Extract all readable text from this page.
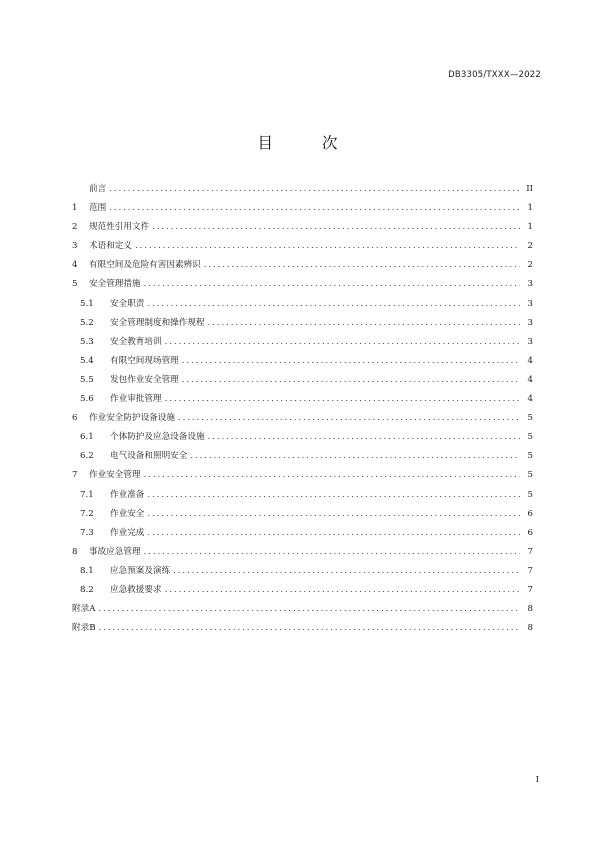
DB3305/TXXX—2022
目 次
前言 .....	II
1	范围 .....	1
2	规范性引用文件 .....	1
3	术语和定义 .....	2
4	有限空间及危险有害因素辨识 .....	2
5	安全管理措施 .....	3
5.1	安全职责 .....	3
5.2	安全管理制度和操作规程 .....	3
5.3	安全教育培训 .....	3
5.4	有限空间现场管理 .....	4
5.5	发包作业安全管理 .....	4
5.6	作业审批管理 .....	4
6	作业安全防护设备设施 .....	5
6.1	个体防护及应急设备设施 .....	5
6.2	电气设备和照明安全 .....	5
7	作业安全管理 .....	5
7.1	作业准备 .....	5
7.2	作业安全 .....	6
7.3	作业完成 .....	6
8	事故应急管理 .....	7
8.1	应急预案及演练 .....	7
8.2	应急救援要求 .....	7
附录A .....	8
附录B .....	8
I
